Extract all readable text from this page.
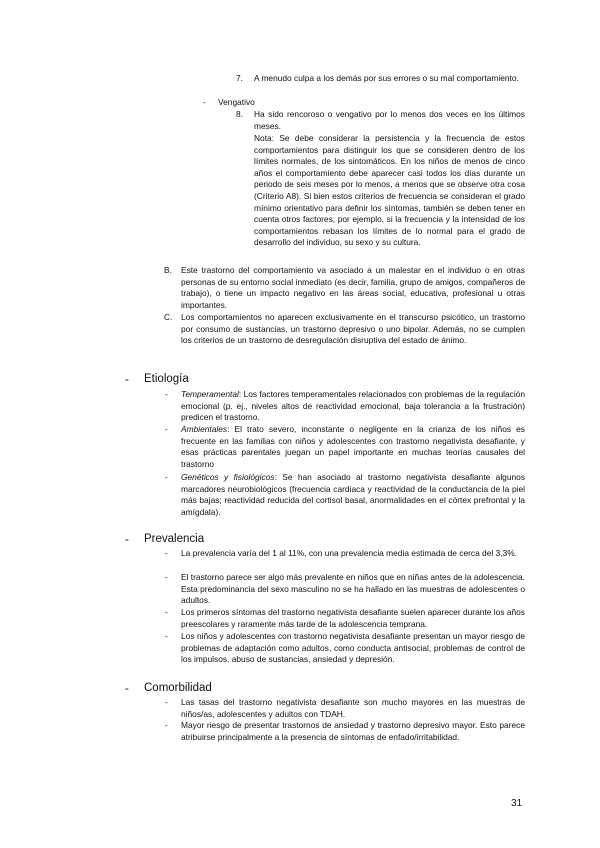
7. A menudo culpa a los demás por sus errores o su mal comportamiento.
- Vengativo
8. Ha sido rencoroso o vengativo por lo menos dos veces en los últimos meses.
Nota: Se debe considerar la persistencia y la frecuencia de estos comportamientos para distinguir los que se consideren dentro de los límites normales, de los sintomáticos. En los niños de menos de cinco años el comportamiento debe aparecer casi todos los días durante un periodo de seis meses por lo menos, a menos que se observe otra cosa (Criterio A8). Si bien estos criterios de frecuencia se consideran el grado mínimo orientativo para definir los síntomas, también se deben tener en cuenta otros factores, por ejemplo, si la frecuencia y la intensidad de los comportamientos rebasan los límites de lo normal para el grado de desarrollo del individuo, su sexo y su cultura.
B. Este trastorno del comportamiento va asociado a un malestar en el individuo o en otras personas de su entorno social inmediato (es decir, familia, grupo de amigos, compañeros de trabajo), o tiene un impacto negativo en las áreas social, educativa, profesional u otras importantes.
C. Los comportamientos no aparecen exclusivamente en el transcurso psicótico, un trastorno por consumo de sustancias, un trastorno depresivo o uno bipolar. Además, no se cumplen los criterios de un trastorno de desregulación disruptiva del estado de ánimo.
- Etiología
- Temperamental: Los factores temperamentales relacionados con problemas de la regulación emocional (p. ej., niveles altos de reactividad emocional, baja tolerancia a la frustración) predicen el trastorno.
- Ambientales: El trato severo, inconstante o negligente en la crianza de los niños es frecuente en las familias con niños y adolescentes con trastorno negativista desafiante, y esas prácticas parentales juegan un papel importante en muchas teorías causales del trastorno
- Genéticos y fisiológicos: Se han asociado al trastorno negativista desafiante algunos marcadores neurobiológicos (frecuencia cardiaca y reactividad de la conductancia de la piel más bajas; reactividad reducida del cortisol basal, anormalidades en el córtex prefrontal y la amígdala).
- Prevalencia
- La prevalencia varía del 1 al 11%, con una prevalencia media estimada de cerca del 3,3%.
- El trastorno parece ser algo más prevalente en niños que en niñas antes de la adolescencia. Esta predominancia del sexo masculino no se ha hallado en las muestras de adolescentes o adultos.
- Los primeros síntomas del trastorno negativista desafiante suelen aparecer durante los años preescolares y raramente más tarde de la adolescencia temprana.
- Los niños y adolescentes con trastorno negativista desafiante presentan un mayor riesgo de problemas de adaptación como adultos, como conducta antisocial, problemas de control de los impulsos, abuso de sustancias, ansiedad y depresión.
- Comorbilidad
- Las tasas del trastorno negativista desafiante son mucho mayores en las muestras de niños/as, adolescentes y adultos con TDAH.
- Mayor riesgo de presentar trastornos de ansiedad y trastorno depresivo mayor. Esto parece atribuirse principalmente a la presencia de síntomas de enfado/irritabilidad.
31
